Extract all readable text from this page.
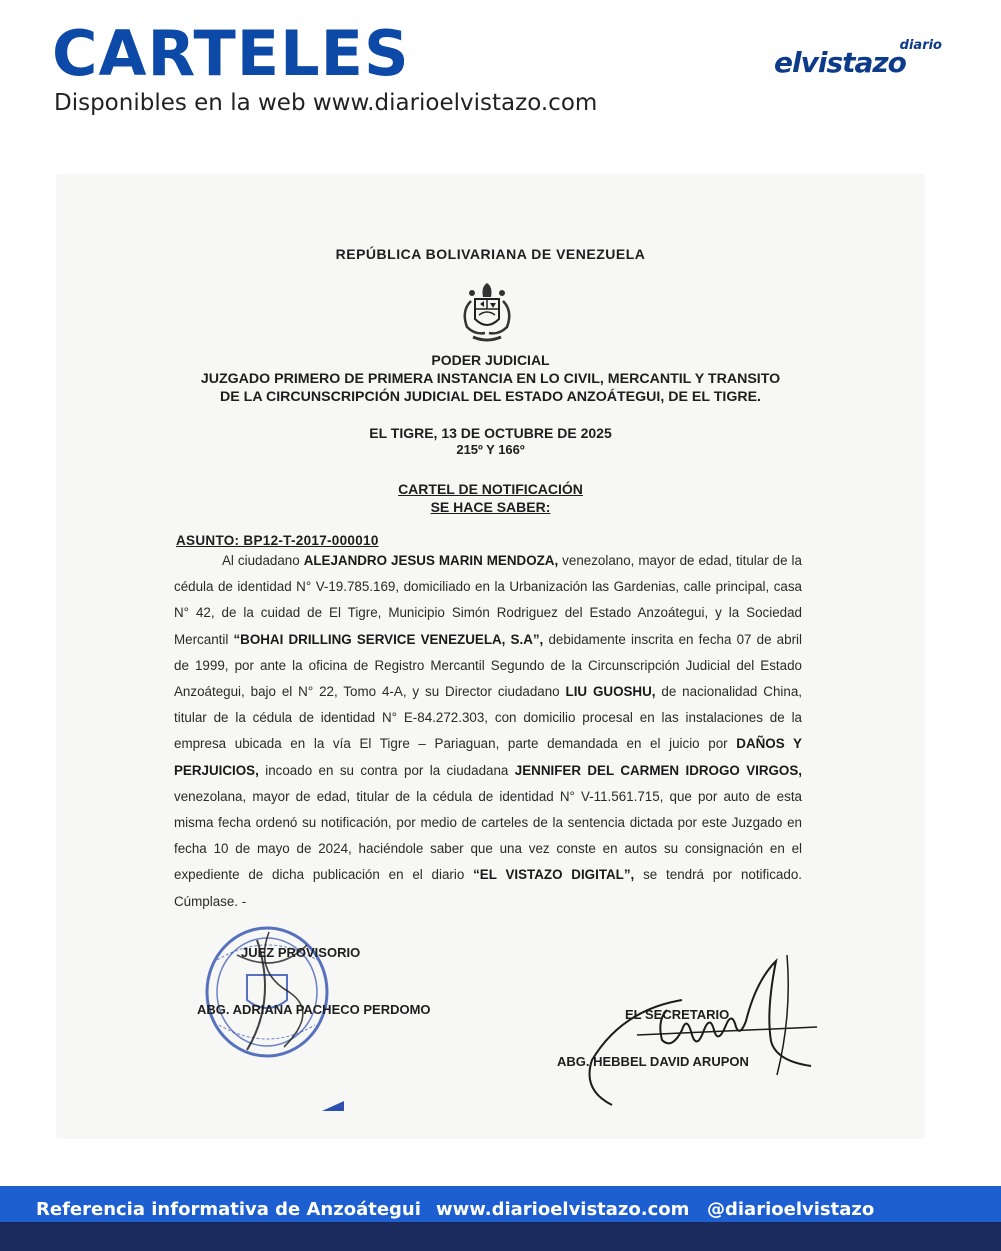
CARTELES
Disponibles en la web www.diarioelvistazo.com
diario
elvistazo
REPÚBLICA BOLIVARIANA DE VENEZUELA
PODER JUDICIAL
JUZGADO PRIMERO DE PRIMERA INSTANCIA EN LO CIVIL, MERCANTIL Y TRANSITO
DE LA CIRCUNSCRIPCIÓN JUDICIAL DEL ESTADO ANZOÁTEGUI, DE EL TIGRE.
EL TIGRE, 13 DE OCTUBRE DE 2025
215º Y 166º
CARTEL DE NOTIFICACIÓN
SE HACE SABER:
ASUNTO: BP12-T-2017-000010
Al ciudadano ALEJANDRO JESUS MARIN MENDOZA, venezolano, mayor de edad, titular de la cédula de identidad N° V-19.785.169, domiciliado en la Urbanización las Gardenias, calle principal, casa N° 42, de la cuidad de El Tigre, Municipio Simón Rodriguez del Estado Anzoátegui, y la Sociedad Mercantil “BOHAI DRILLING SERVICE VENEZUELA, S.A”, debidamente inscrita en fecha 07 de abril de 1999, por ante la oficina de Registro Mercantil Segundo de la Circunscripción Judicial del Estado Anzoátegui, bajo el N° 22, Tomo 4-A, y su Director ciudadano LIU GUOSHU, de nacionalidad China, titular de la cédula de identidad N° E-84.272.303, con domicilio procesal en las instalaciones de la empresa ubicada en la vía El Tigre – Pariaguan, parte demandada en el juicio por DAÑOS Y PERJUICIOS, incoado en su contra por la ciudadana JENNIFER DEL CARMEN IDROGO VIRGOS, venezolana, mayor de edad, titular de la cédula de identidad N° V-11.561.715, que por auto de esta misma fecha ordenó su notificación, por medio de carteles de la sentencia dictada por este Juzgado en fecha 10 de mayo de 2024, haciéndole saber que una vez conste en autos su consignación en el expediente de dicha publicación en el diario “EL VISTAZO DIGITAL”, se tendrá por notificado. Cúmplase. -
JUEZ PROVISORIO
ABG. ADRIANA PACHECO PERDOMO	EL SECRETARIO
ABG. HEBBEL DAVID ARUPON
Referencia informativa de Anzoátegui www.diarioelvistazo.com @diarioelvistazo
